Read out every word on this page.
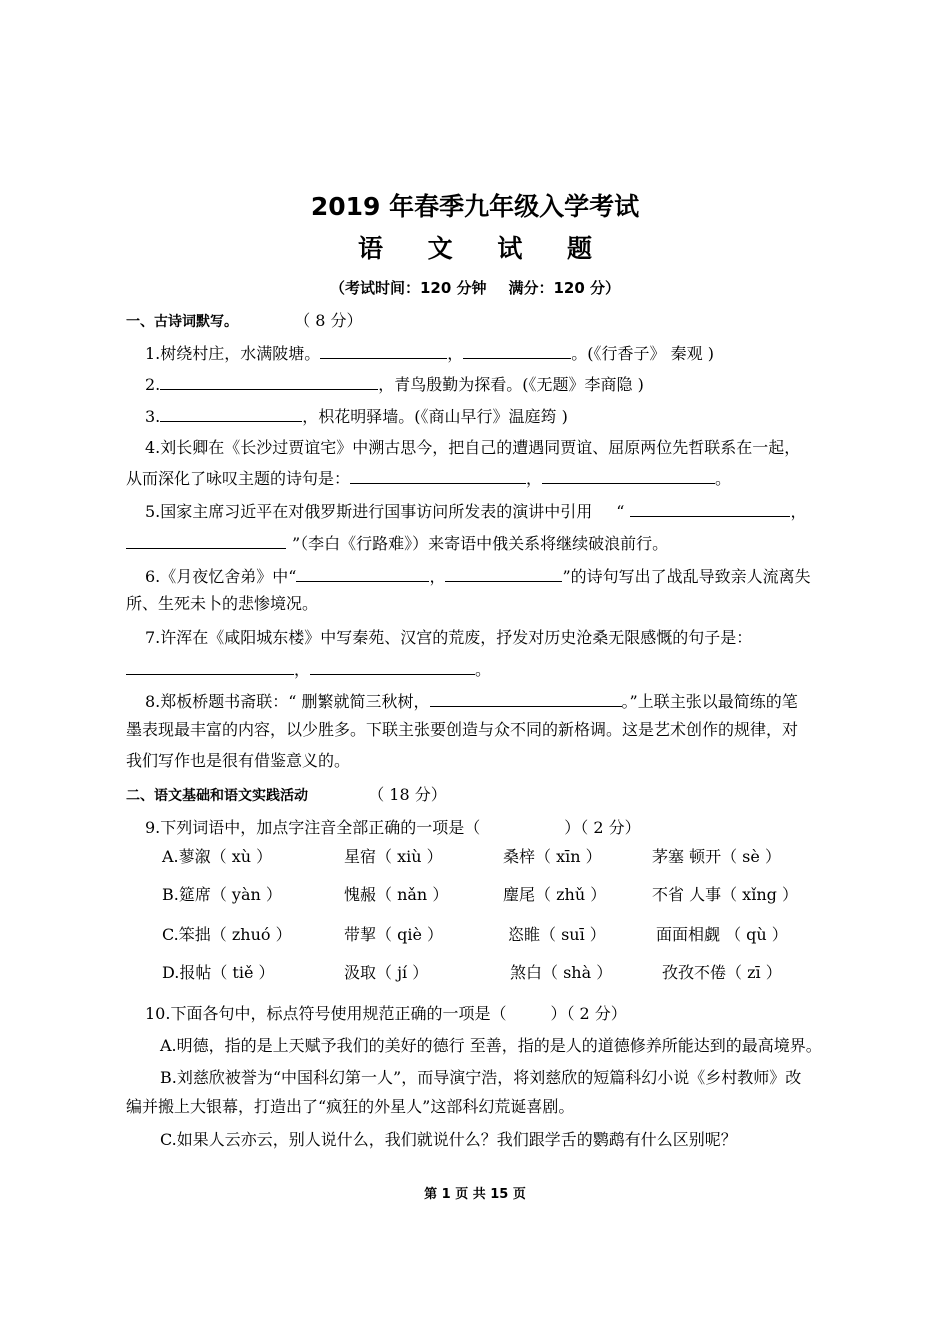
2019 年春季九年级入学考试
语 文 试 题
（考试时间：120 分钟 满分：120 分）
一、古诗词默写。	（ 8 分）
1.树绕村庄，水满陂塘。	，	。(《行香子》 秦观 )
2.	，青鸟殷勤为探看。(《无题》李商隐 )
3.	，枳花明驿墙。(《商山早行》温庭筠 )
4.刘长卿在《长沙过贾谊宅》中溯古思今，把自己的遭遇同贾谊、屈原两位先哲联系在一起，
从而深化了咏叹主题的诗句是：	，	。
5.国家主席习近平在对俄罗斯进行国事访问所发表的演讲中引用 “	，
”（李白《行路难》）来寄语中俄关系将继续破浪前行。
6.《月夜忆舍弟》中“	，	”的诗句写出了战乱导致亲人流离失
所、生死未卜的悲惨境况。
7.许浑在《咸阳城东楼》中写秦苑、汉宫的荒废，抒发对历史沧桑无限感慨的句子是：
，	。
8.郑板桥题书斋联：“ 删繁就简三秋树，	。”上联主张以最简练的笔
墨表现最丰富的内容，以少胜多。下联主张要创造与众不同的新格调。这是艺术创作的规律，对
我们写作也是很有借鉴意义的。
二、语文基础和语文实践活动	（ 18 分）
9.下列词语中，加点字注音全部正确的一项是（	）（ 2 分）
A.蓼溆（ xù ）	星宿（ xiù ）	桑梓（ xīn ）	茅塞 顿开（ sè ）
B.筵席（ yàn ）	愧赧（ nǎn ）	麈尾（ zhǔ ）	不省 人事（ xǐng ）
C.笨拙（ zhuó ）	带挈（ qiè ）	恣睢（ suī ）	面面相觑 （ qù ）
D.报帖（ tiě ）	汲取（ jí ）	煞白（ shà ）	孜孜不倦（ zī ）
10.下面各句中，标点符号使用规范正确的一项是（	）（ 2 分）
A.明德，指的是上天赋予我们的美好的德行 至善，指的是人的道德修养所能达到的最高境界。
B.刘慈欣被誉为“中国科幻第一人”，而导演宁浩，将刘慈欣的短篇科幻小说《乡村教师》改
编并搬上大银幕，打造出了“疯狂的外星人”这部科幻荒诞喜剧。
C.如果人云亦云，别人说什么，我们就说什么？我们跟学舌的鹦鹉有什么区别呢？
第 1 页 共 15 页
